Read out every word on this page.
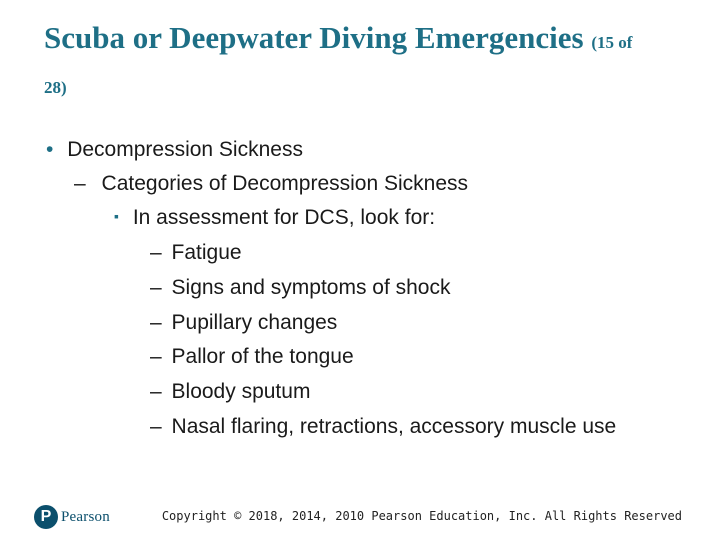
Scuba or Deepwater Diving Emergencies (15 of 28)
• Decompression Sickness
– Categories of Decompression Sickness
▪ In assessment for DCS, look for:
– Fatigue
– Signs and symptoms of shock
– Pupillary changes
– Pallor of the tongue
– Bloody sputum
– Nasal flaring, retractions, accessory muscle use
P Pearson	Copyright © 2018, 2014, 2010 Pearson Education, Inc. All Rights Reserved
